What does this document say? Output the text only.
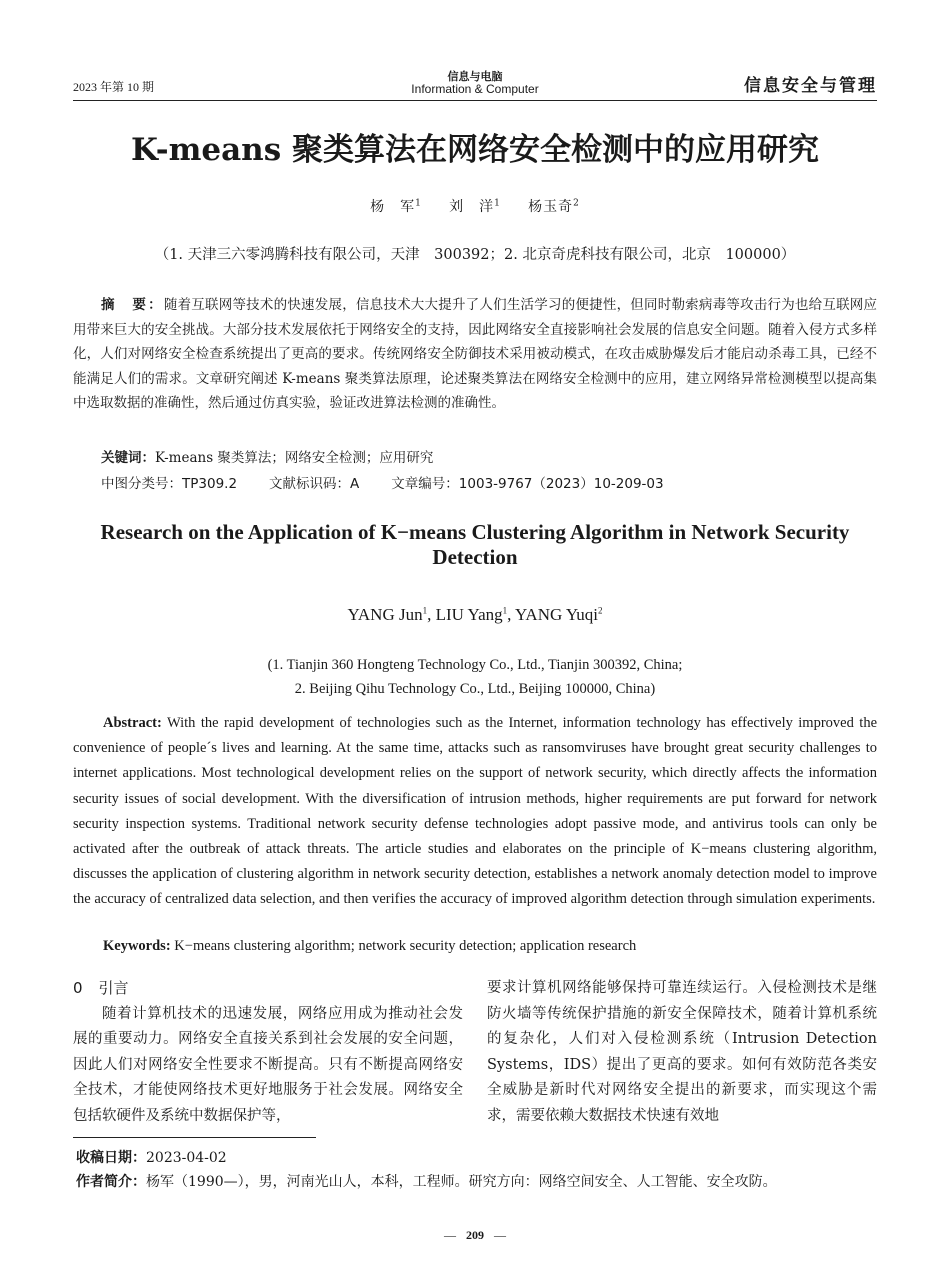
2023 年第 10 期
信息与电脑
Information & Computer	信息安全与管理
K-means 聚类算法在网络安全检测中的应用研究
杨　军$^1$ 刘　洋$^1$ 杨玉奇$^2$
（1. 天津三六零鸿腾科技有限公司，天津　300392；2. 北京奇虎科技有限公司，北京　100000）
摘　要：随着互联网等技术的快速发展，信息技术大大提升了人们生活学习的便捷性，但同时勒索病毒等攻击行为也给互联网应用带来巨大的安全挑战。大部分技术发展依托于网络安全的支持，因此网络安全直接影响社会发展的信息安全问题。随着入侵方式多样化，人们对网络安全检查系统提出了更高的要求。传统网络安全防御技术采用被动模式，在攻击威胁爆发后才能启动杀毒工具，已经不能满足人们的需求。文章研究阐述 K-means 聚类算法原理，论述聚类算法在网络安全检测中的应用，建立网络异常检测模型以提高集中选取数据的准确性，然后通过仿真实验，验证改进算法检测的准确性。
关键词：K-means 聚类算法；网络安全检测；应用研究
中图分类号：TP309.2 文献标识码：A 文章编号：1003-9767（2023）10-209-03
Research on the Application of K−means Clustering Algorithm in Network Security Detection
YANG Jun$^1$, LIU Yang$^1$, YANG Yuqi$^2$
(1. Tianjin 360 Hongteng Technology Co., Ltd., Tianjin 300392, China;
2. Beijing Qihu Technology Co., Ltd., Beijing 100000, China)
Abstract: With the rapid development of technologies such as the Internet, information technology has effectively improved the convenience of people´s lives and learning. At the same time, attacks such as ransomviruses have brought great security challenges to internet applications. Most technological development relies on the support of network security, which directly affects the information security issues of social development. With the diversification of intrusion methods, higher requirements are put forward for network security inspection systems. Traditional network security defense technologies adopt passive mode, and antivirus tools can only be activated after the outbreak of attack threats. The article studies and elaborates on the principle of K−means clustering algorithm, discusses the application of clustering algorithm in network security detection, establishes a network anomaly detection model to improve the accuracy of centralized data selection, and then verifies the accuracy of improved algorithm detection through simulation experiments.
Keywords: K−means clustering algorithm; network security detection; application research
0 引言

随着计算机技术的迅速发展，网络应用成为推动社会发展的重要动力。网络安全直接关系到社会发展的安全问题，因此人们对网络安全性要求不断提高。只有不断提高网络安全技术，才能使网络技术更好地服务于社会发展。网络安全包括软硬件及系统中数据保护等，

要求计算机网络能够保持可靠连续运行。入侵检测技术是继防火墙等传统保护措施的新安全保障技术，随着计算机系统的复杂化，人们对入侵检测系统（Intrusion Detection Systems，IDS）提出了更高的要求。如何有效防范各类安全威胁是新时代对网络安全提出的新要求，而实现这个需求，需要依赖大数据技术快速有效地

收稿日期：2023-04-02
作者简介：杨军（1990—），男，河南光山人，本科，工程师。研究方向：网络空间安全、人工智能、安全攻防。
— 209 —
